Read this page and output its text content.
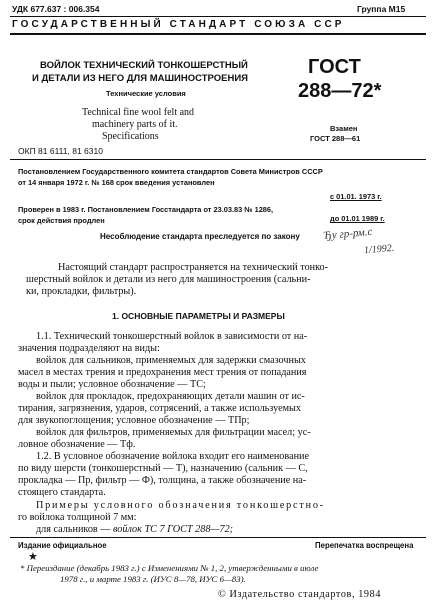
УДК 677.637 : 006.354	Группа М15
ГОСУДАРСТВЕННЫЙ СТАНДАРТ СОЮЗА ССР
ВОЙЛОК ТЕХНИЧЕСКИЙ ТОНКОШЕРСТНЫЙ
И ДЕТАЛИ ИЗ НЕГО ДЛЯ МАШИНОСТРОЕНИЯ
Технические условия
Technical fine wool felt and
machinery parts of it.
Specifications
ГОСТ
288—72*
Взамен
ГОСТ 288—61
ОКП 81 6111, 81 6310
Постановлением Государственного комитета стандартов Совета Министров СССР
от 14 января 1972 г. № 168 срок введения установлен
с 01.01. 1973 г.
Проверен в 1983 г. Постановлением Госстандарта от 23.03.83 № 1286,
срок действия продлен	до 01.01 1989 г.
Несоблюдение стандарта преследуется по закону Ђу гр-рм.с
1/1992.
Настоящий стандарт распространяется на технический тонко-
шерстный войлок и детали из него для машиностроения (сальни-
ки, прокладки, фильтры).
1. ОСНОВНЫЕ ПАРАМЕТРЫ И РАЗМЕРЫ
1.1. Технический тонкошерстный войлок в зависимости от на-
значения подразделяют на виды:
войлок для сальников, применяемых для задержки смазочных
масел в местах трения и предохранения мест трения от попадания
воды и пыли; условное обозначение — ТС;
войлок для прокладок, предохраняющих детали машин от ис-
тирания, загрязнения, ударов, сотрясений, а также используемых
для звукопоглощения; условное обозначение — ТПр;
войлок для фильтров, применяемых для фильтрации масел; ус-
ловное обозначение — Тф.
1.2. В условное обозначение войлока входит его наименование
по виду шерсти (тонкошерстный — Т), назначению (сальник — С,
прокладка — Пр, фильтр — Ф), толщина, а также обозначение на-
стоящего стандарта.
Примеры условного обозначения тонкошерстно-
го войлока толщиной 7 мм:
для сальников — войлок ТС 7 ГОСТ 288—72;
Издание официальное	Перепечатка воспрещена
★
* Переиздание (декабрь 1983 г.) с Изменениями № 1, 2, утвержденными в июле
1978 г., и марте 1983 г. (ИУС 8—78, ИУС 6—83).
© Издательство стандартов, 1984
